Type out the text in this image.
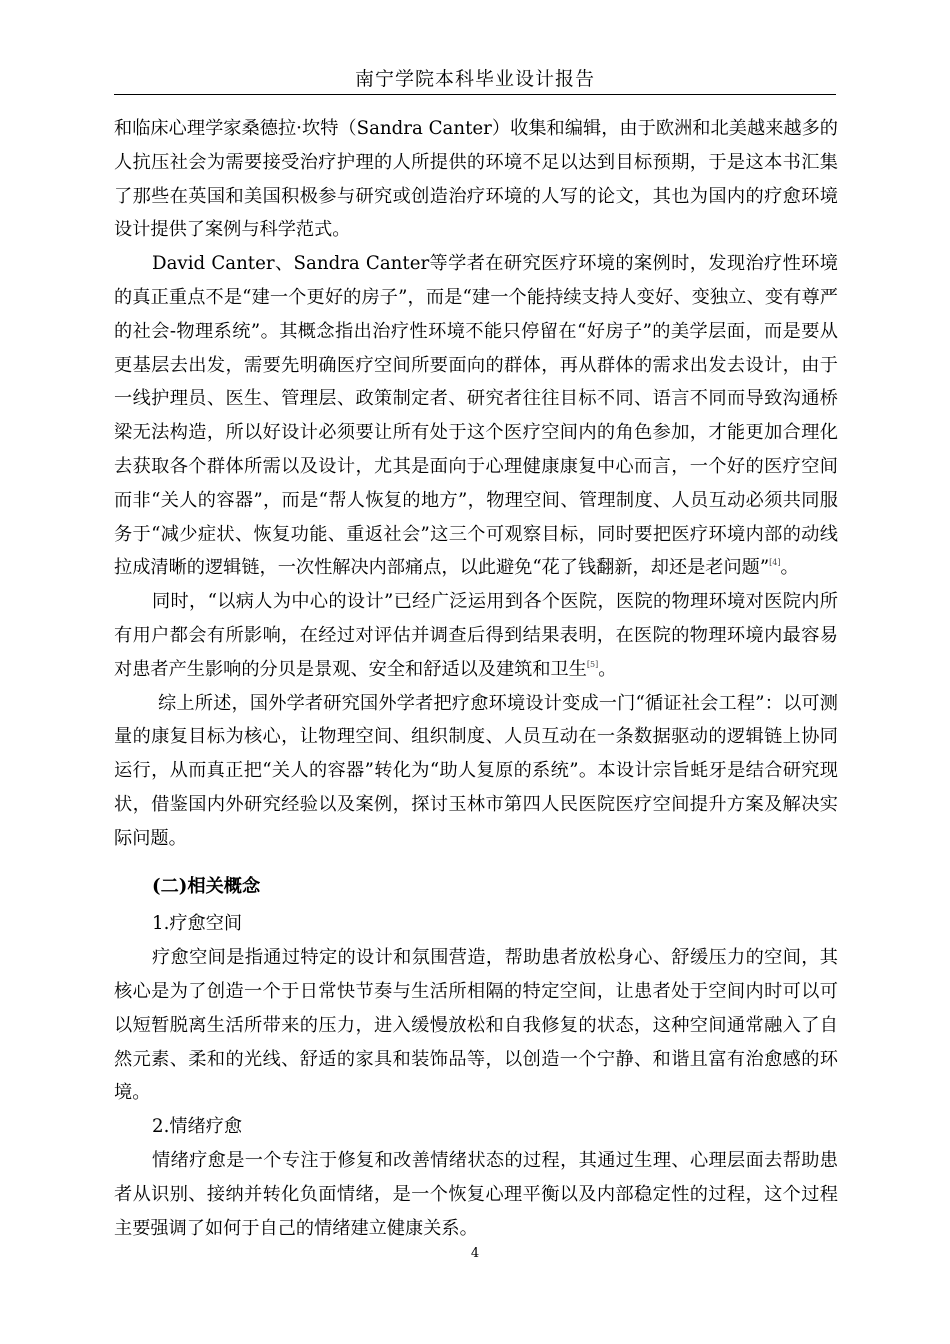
南宁学院本科毕业设计报告

和临床心理学家桑德拉·坎特（Sandra Canter）收集和编辑，由于欧洲和北美越来越多的人抗压社会为需要接受治疗护理的人所提供的环境不足以达到目标预期，于是这本书汇集了那些在英国和美国积极参与研究或创造治疗环境的人写的论文，其也为国内的疗愈环境设计提供了案例与科学范式。

David Canter、Sandra Canter等学者在研究医疗环境的案例时，发现治疗性环境的真正重点不是“建一个更好的房子”，而是“建一个能持续支持人变好、变独立、变有尊严的社会-物理系统”。其概念指出治疗性环境不能只停留在“好房子”的美学层面，而是要从更基层去出发，需要先明确医疗空间所要面向的群体，再从群体的需求出发去设计，由于一线护理员、医生、管理层、政策制定者、研究者往往目标不同、语言不同而导致沟通桥梁无法构造，所以好设计必须要让所有处于这个医疗空间内的角色参加，才能更加合理化去获取各个群体所需以及设计，尤其是面向于心理健康康复中心而言，一个好的医疗空间而非“关人的容器”，而是“帮人恢复的地方”，物理空间、管理制度、人员互动必须共同服务于“减少症状、恢复功能、重返社会”这三个可观察目标，同时要把医疗环境内部的动线拉成清晰的逻辑链，一次性解决内部痛点，以此避免“花了钱翻新，却还是老问题”[4]。

同时，“以病人为中心的设计”已经广泛运用到各个医院，医院的物理环境对医院内所有用户都会有所影响，在经过对评估并调查后得到结果表明，在医院的物理环境内最容易对患者产生影响的分贝是景观、安全和舒适以及建筑和卫生[5]。

综上所述，国外学者研究国外学者把疗愈环境设计变成一门“循证社会工程”：以可测量的康复目标为核心，让物理空间、组织制度、人员互动在一条数据驱动的逻辑链上协同运行，从而真正把“关人的容器”转化为“助人复原的系统”。本设计宗旨蚝牙是结合研究现状，借鉴国内外研究经验以及案例，探讨玉林市第四人民医院医疗空间提升方案及解决实际问题。

(二)相关概念

1.疗愈空间

疗愈空间是指通过特定的设计和氛围营造，帮助患者放松身心、舒缓压力的空间，其核心是为了创造一个于日常快节奏与生活所相隔的特定空间，让患者处于空间内时可以可以短暂脱离生活所带来的压力，进入缓慢放松和自我修复的状态，这种空间通常融入了自然元素、柔和的光线、舒适的家具和装饰品等，以创造一个宁静、和谐且富有治愈感的环境。

2.情绪疗愈

情绪疗愈是一个专注于修复和改善情绪状态的过程，其通过生理、心理层面去帮助患者从识别、接纳并转化负面情绪，是一个恢复心理平衡以及内部稳定性的过程，这个过程主要强调了如何于自己的情绪建立健康关系。

4
